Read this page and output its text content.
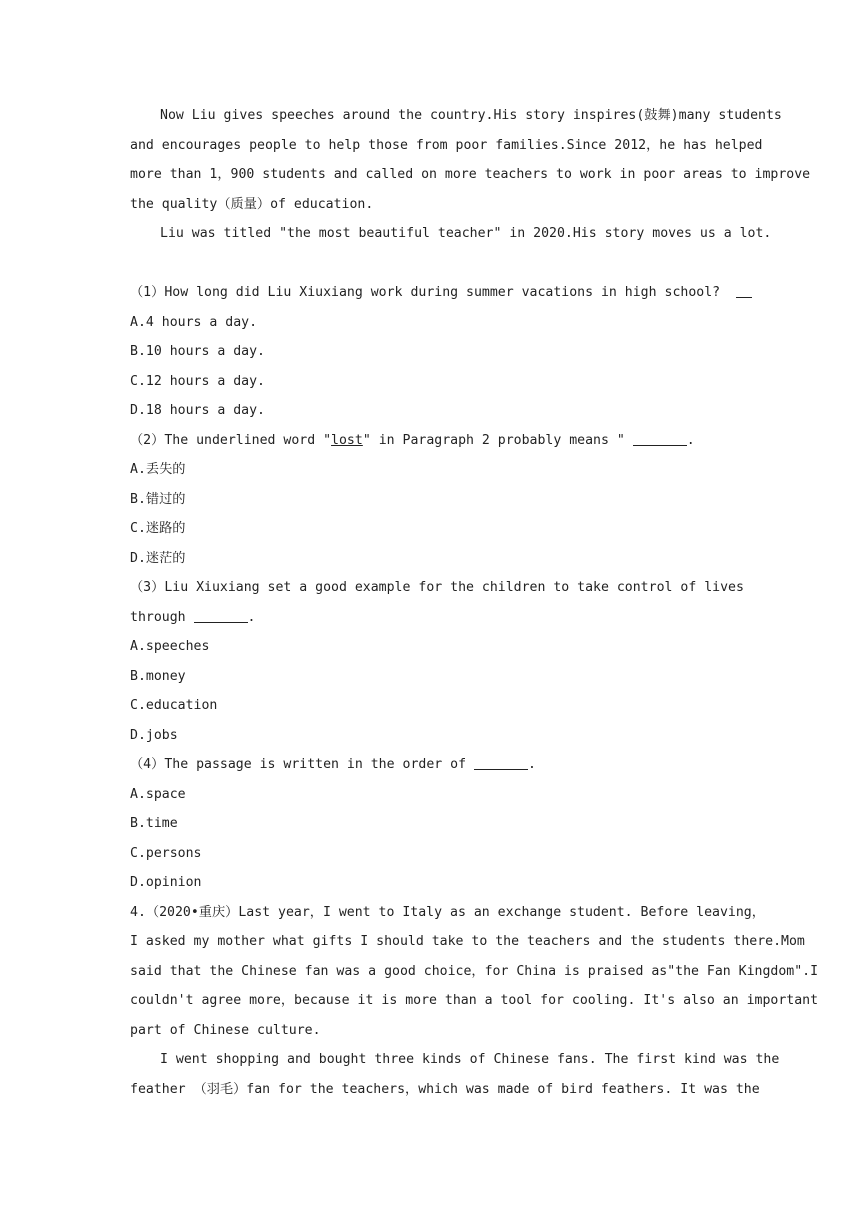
Now Liu gives speeches around the country.His story inspires(鼓舞)many students
and encourages people to help those from poor families.Since 2012，he has helped
more than 1，900 students and called on more teachers to work in poor areas to improve
the quality（质量）of education.
Liu was titled "the most beautiful teacher" in 2020.His story moves us a lot.
（1）How long did Liu Xiuxiang work during summer vacations in high school?
A.4 hours a day.
B.10 hours a day.
C.12 hours a day.
D.18 hours a day.
（2）The underlined word "lost" in Paragraph 2 probably means "	.
A.丢失的
B.错过的
C.迷路的
D.迷茫的
（3）Liu Xiuxiang set a good example for the children to take control of lives
through	.
A.speeches
B.money
C.education
D.jobs
（4）The passage is written in the order of	.
A.space
B.time
C.persons
D.opinion
4.（2020•重庆）Last year，I went to Italy as an exchange student. Before leaving，
I asked my mother what gifts I should take to the teachers and the students there.Mom
said that the Chinese fan was a good choice，for China is praised as"the Fan Kingdom".I
couldn't agree more，because it is more than a tool for cooling. It's also an important
part of Chinese culture.
I went shopping and bought three kinds of Chinese fans. The first kind was the
feather （羽毛）fan for the teachers，which was made of bird feathers. It was the
